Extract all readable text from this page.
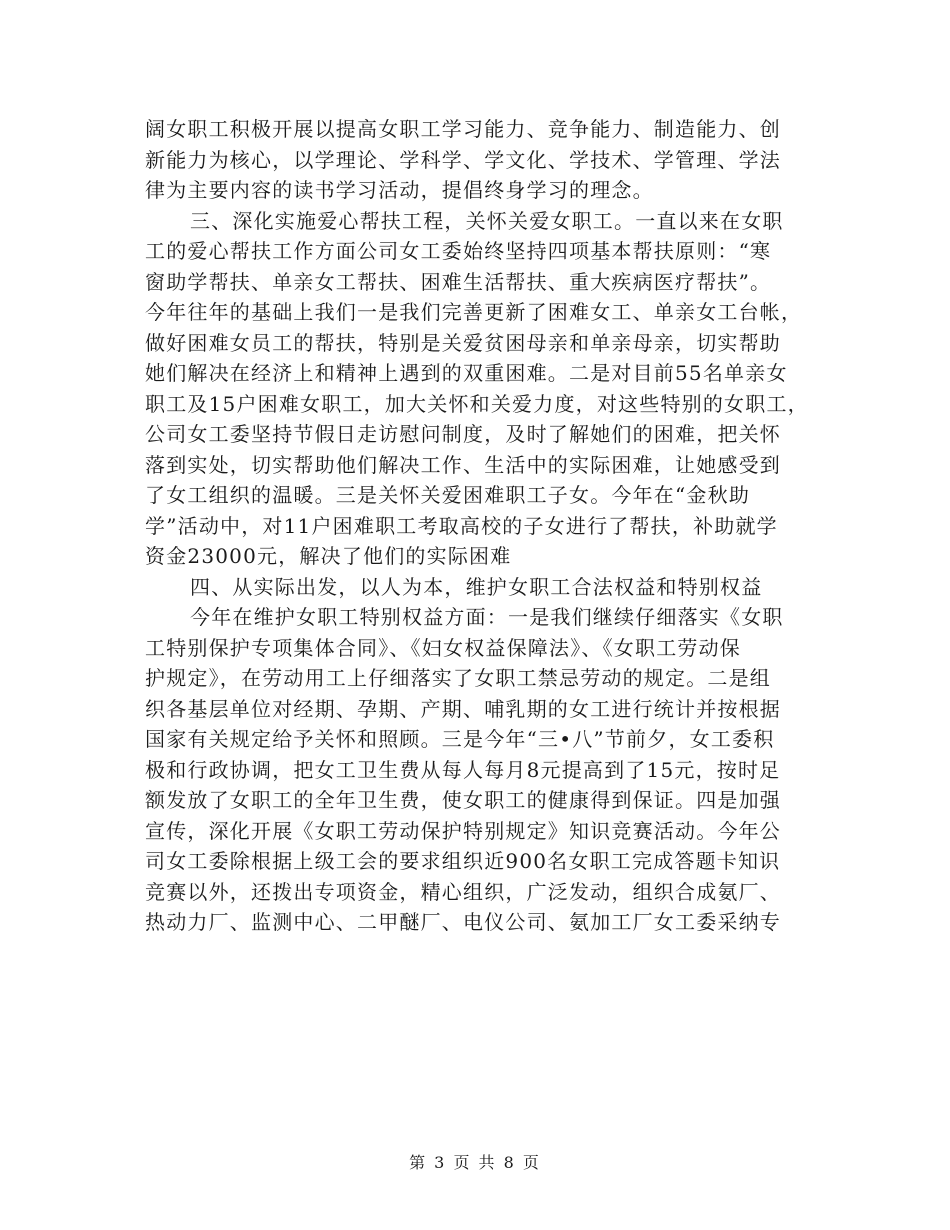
阔女职工积极开展以提高女职工学习能力、竞争能力、制造能力、创
新能力为核心，以学理论、学科学、学文化、学技术、学管理、学法
律为主要内容的读书学习活动，提倡终身学习的理念。
三、深化实施爱心帮扶工程，关怀关爱女职工。一直以来在女职
工的爱心帮扶工作方面公司女工委始终坚持四项基本帮扶原则：“寒
窗助学帮扶、单亲女工帮扶、困难生活帮扶、重大疾病医疗帮扶”。
今年往年的基础上我们一是我们完善更新了困难女工、单亲女工台帐，
做好困难女员工的帮扶，特别是关爱贫困母亲和单亲母亲，切实帮助
她们解决在经济上和精神上遇到的双重困难。二是对目前55名单亲女
职工及15户困难女职工，加大关怀和关爱力度，对这些特别的女职工，
公司女工委坚持节假日走访慰问制度，及时了解她们的困难，把关怀
落到实处，切实帮助他们解决工作、生活中的实际困难，让她感受到
了女工组织的温暖。三是关怀关爱困难职工子女。今年在“金秋助
学”活动中，对11户困难职工考取高校的子女进行了帮扶，补助就学
资金23000元，解决了他们的实际困难
四、从实际出发，以人为本，维护女职工合法权益和特别权益
今年在维护女职工特别权益方面：一是我们继续仔细落实《女职
工特别保护专项集体合同》、《妇女权益保障法》、《女职工劳动保
护规定》，在劳动用工上仔细落实了女职工禁忌劳动的规定。二是组
织各基层单位对经期、孕期、产期、哺乳期的女工进行统计并按根据
国家有关规定给予关怀和照顾。三是今年“三•八”节前夕，女工委积
极和行政协调，把女工卫生费从每人每月8元提高到了15元，按时足
额发放了女职工的全年卫生费，使女职工的健康得到保证。四是加强
宣传，深化开展《女职工劳动保护特别规定》知识竞赛活动。今年公
司女工委除根据上级工会的要求组织近900名女职工完成答题卡知识
竞赛以外，还拨出专项资金，精心组织，广泛发动，组织合成氨厂、
热动力厂、监测中心、二甲醚厂、电仪公司、氨加工厂女工委采纳专
第 3 页 共 8 页
